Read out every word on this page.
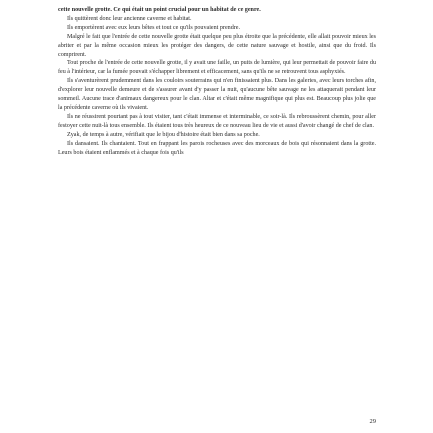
cette nouvelle grotte. Ce qui était un point crucial pour un habitat de ce genre.

Ils quittèrent donc leur ancienne caverne et habitat.

Ils emportèrent avec eux leurs bêtes et tout ce qu'ils pouvaient prendre.

Malgré le fait que l'entrée de cette nouvelle grotte était quelque peu plus étroite que la précédente, elle allait pouvoir mieux les abriter et par la même occasion mieux les protéger des dangers, de cette nature sauvage et hostile, ainsi que du froid. Ils comprirent.

Tout proche de l'entrée de cette nouvelle grotte, il y avait une faille, un puits de lumière, qui leur permettait de pouvoir faire du feu à l'intérieur, car la fumée pouvait s'échapper librement et efficacement, sans qu'ils ne se retrouvent tous asphyxiés.

Ils s'aventurèrent prudemment dans les couloirs souterrains qui n'en finissaient plus. Dans les galeries, avec leurs torches afin, d'explorer leur nouvelle demeure et de s'assurer avant d'y passer la nuit, qu'aucune bête sauvage ne les attaquerait pendant leur sommeil. Aucune trace d'animaux dangereux pour le clan. Altar et c'était même magnifique qui plus est. Beaucoup plus jolie que la précédente caverne où ils vivaient.

Ils ne réussirent pourtant pas à tout visiter, tant c'était immense et interminable, ce soir-là. Ils rebroussèrent chemin, pour aller festoyer cette nuit-là tous ensemble. Ils étaient tous très heureux de ce nouveau lieu de vie et aussi d'avoir changé de chef de clan.

Zyak, de temps à autre, vérifiait que le bijou d'histoire était bien dans sa poche.

Ils dansaient. Ils chantaient. Tout en frappant les parois rocheuses avec des morceaux de bois qui résonnaient dans la grotte. Leurs bois étaient enflammés et à chaque fois qu'ils

29
